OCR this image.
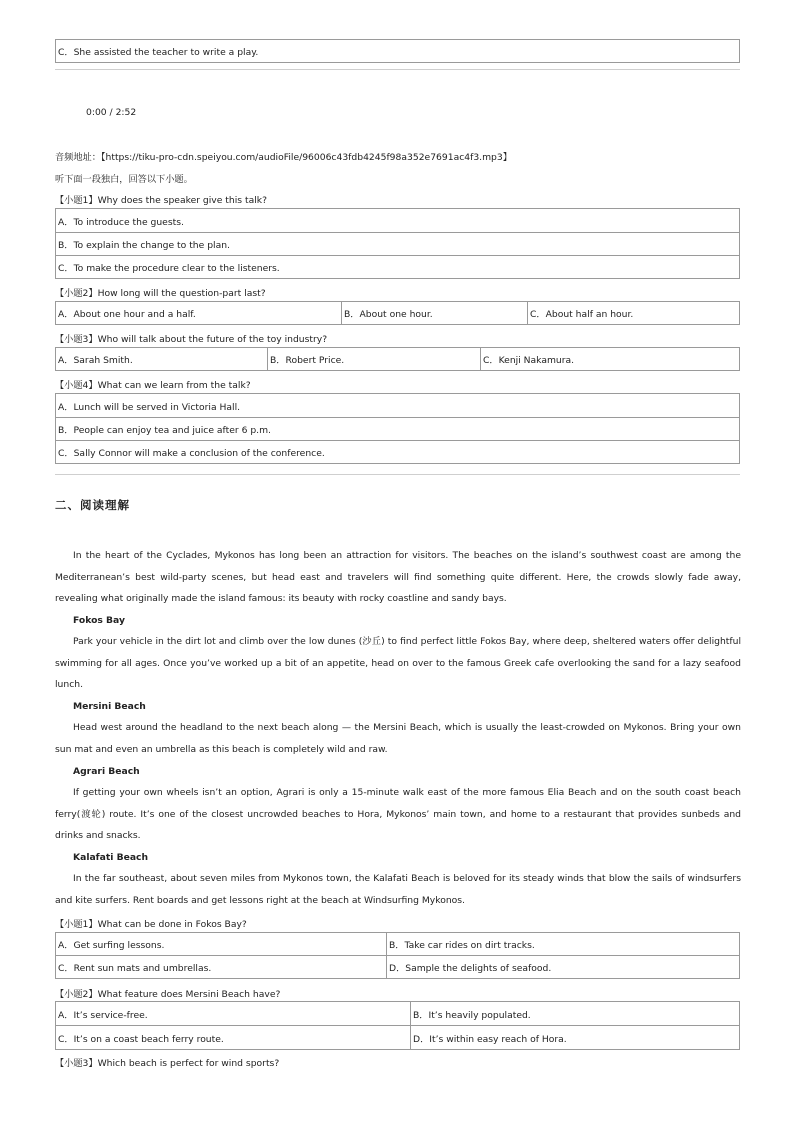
C．She assisted the teacher to write a play.
0:00 / 2:52
音频地址：【https://tiku-pro-cdn.speiyou.com/audioFile/96006c43fdb4245f98a352e7691ac4f3.mp3】
听下面一段独白，回答以下小题。
【小题1】Why does the speaker give this talk?
A．To introduce the guests.
B．To explain the change to the plan.
C．To make the procedure clear to the listeners.
【小题2】How long will the question-part last?
A．About one hour and a half.	B．About one hour.	C．About half an hour.
【小题3】Who will talk about the future of the toy industry?
A．Sarah Smith.	B．Robert Price.	C．Kenji Nakamura.
【小题4】What can we learn from the talk?
A．Lunch will be served in Victoria Hall.
B．People can enjoy tea and juice after 6 p.m.
C．Sally Connor will make a conclusion of the conference.
二、阅读理解
In the heart of the Cyclades, Mykonos has long been an attraction for visitors. The beaches on the island’s southwest coast are among the Mediterranean’s best wild-party scenes, but head east and travelers will find something quite different. Here, the crowds slowly fade away, revealing what originally made the island famous: its beauty with rocky coastline and sandy bays.
Fokos Bay
Park your vehicle in the dirt lot and climb over the low dunes (沙丘) to find perfect little Fokos Bay, where deep, sheltered waters offer delightful swimming for all ages. Once you’ve worked up a bit of an appetite, head on over to the famous Greek cafe overlooking the sand for a lazy seafood lunch.
Mersini Beach
Head west around the headland to the next beach along — the Mersini Beach, which is usually the least-crowded on Mykonos. Bring your own sun mat and even an umbrella as this beach is completely wild and raw.
Agrari Beach
If getting your own wheels isn’t an option, Agrari is only a 15-minute walk east of the more famous Elia Beach and on the south coast beach ferry(渡轮) route. It’s one of the closest uncrowded beaches to Hora, Mykonos’ main town, and home to a restaurant that provides sunbeds and drinks and snacks.
Kalafati Beach
In the far southeast, about seven miles from Mykonos town, the Kalafati Beach is beloved for its steady winds that blow the sails of windsurfers and kite surfers. Rent boards and get lessons right at the beach at Windsurfing Mykonos.
【小题1】What can be done in Fokos Bay?
A．Get surfing lessons.	B．Take car rides on dirt tracks.
C．Rent sun mats and umbrellas.	D．Sample the delights of seafood.
【小题2】What feature does Mersini Beach have?
A．It’s service-free.	B．It’s heavily populated.
C．It’s on a coast beach ferry route.	D．It’s within easy reach of Hora.
【小题3】Which beach is perfect for wind sports?
